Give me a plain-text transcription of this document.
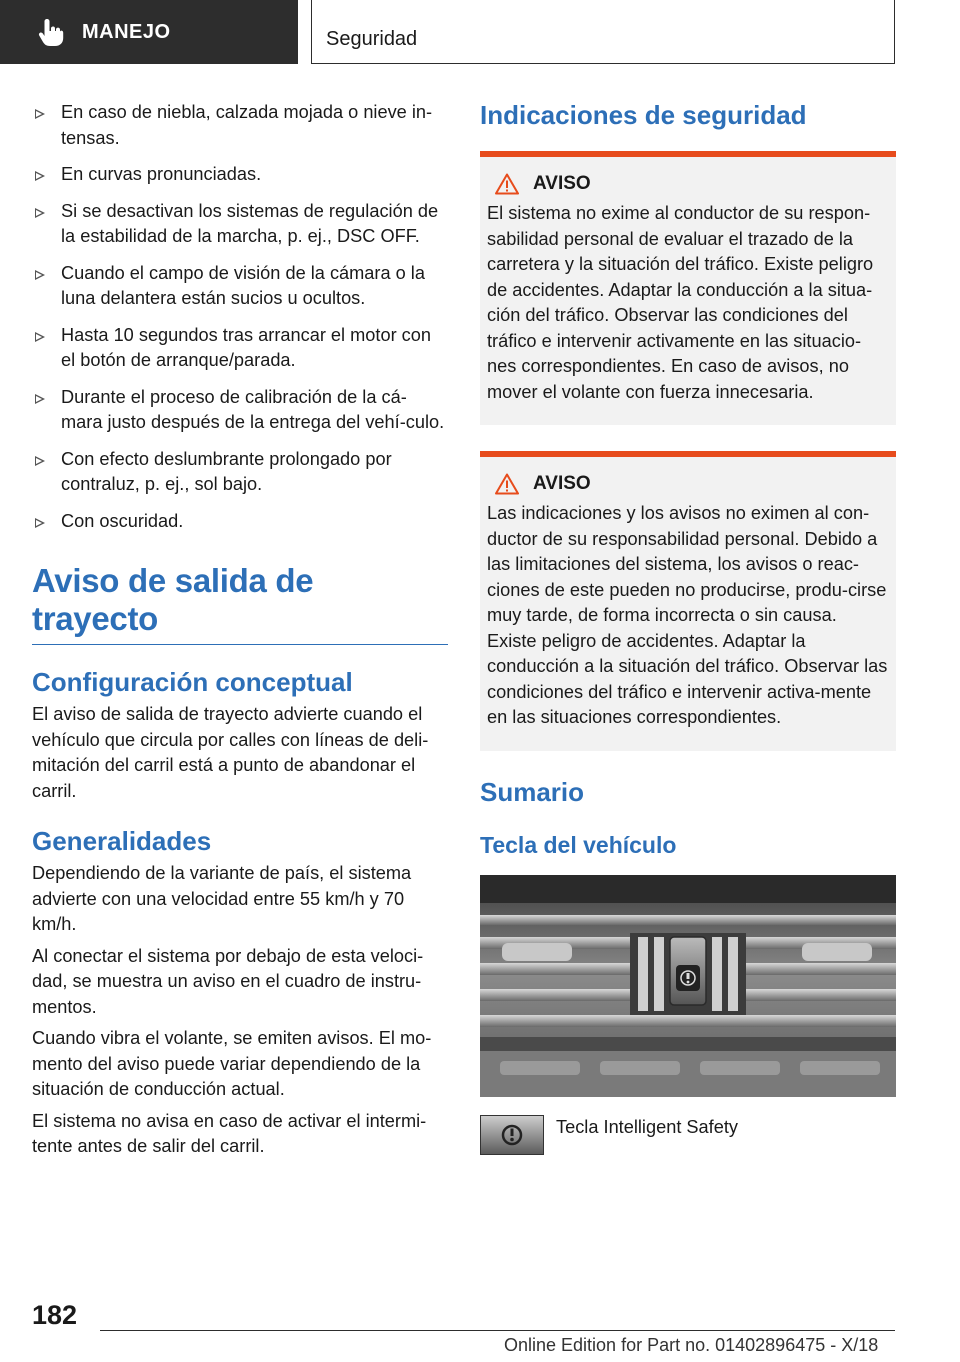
MANEJO	Seguridad
En caso de niebla, calzada mojada o nieve in-tensas.
En curvas pronunciadas.
Si se desactivan los sistemas de regulación de la estabilidad de la marcha, p. ej., DSC OFF.
Cuando el campo de visión de la cámara o la luna delantera están sucios u ocultos.
Hasta 10 segundos tras arrancar el motor con el botón de arranque/parada.
Durante el proceso de calibración de la cá-mara justo después de la entrega del vehí-culo.
Con efecto deslumbrante prolongado por contraluz, p. ej., sol bajo.
Con oscuridad.
Aviso de salida de trayecto
Configuración conceptual
El aviso de salida de trayecto advierte cuando el vehículo que circula por calles con líneas de deli-mitación del carril está a punto de abandonar el carril.
Generalidades
Dependiendo de la variante de país, el sistema advierte con una velocidad entre 55 km/h y 70 km/h.
Al conectar el sistema por debajo de esta veloci-dad, se muestra un aviso en el cuadro de instru-mentos.
Cuando vibra el volante, se emiten avisos. El mo-mento del aviso puede variar dependiendo de la situación de conducción actual.
El sistema no avisa en caso de activar el intermi-tente antes de salir del carril.
Indicaciones de seguridad
AVISO
El sistema no exime al conductor de su respon-sabilidad personal de evaluar el trazado de la carretera y la situación del tráfico. Existe peligro de accidentes. Adaptar la conducción a la situa-ción del tráfico. Observar las condiciones del tráfico e intervenir activamente en las situacio-nes correspondientes. En caso de avisos, no mover el volante con fuerza innecesaria.
AVISO
Las indicaciones y los avisos no eximen al con-ductor de su responsabilidad personal. Debido a las limitaciones del sistema, los avisos o reac-ciones de este pueden no producirse, produ-cirse muy tarde, de forma incorrecta o sin causa. Existe peligro de accidentes. Adaptar la conducción a la situación del tráfico. Observar las condiciones del tráfico e intervenir activa-mente en las situaciones correspondientes.
Sumario
Tecla del vehículo
Tecla Intelligent Safety
182
Online Edition for Part no. 01402896475 - X/18
